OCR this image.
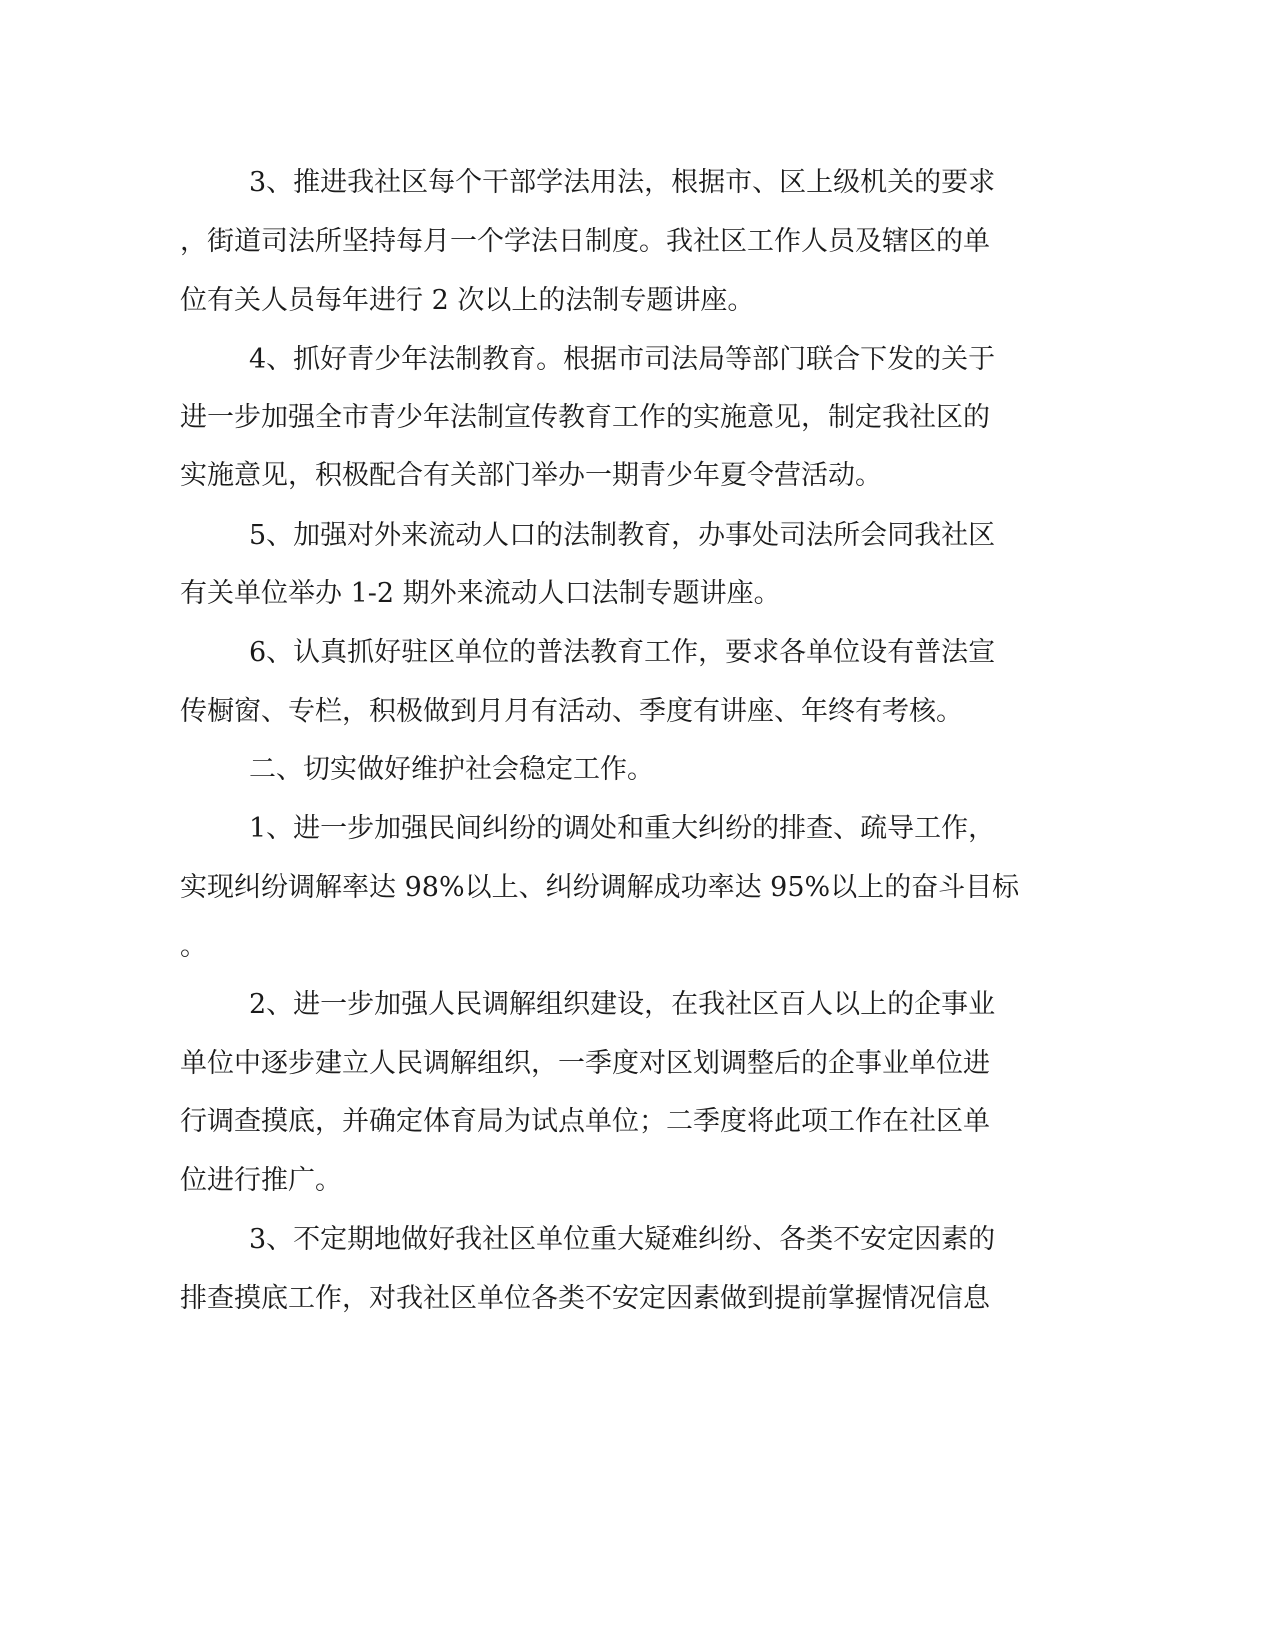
3、推进我社区每个干部学法用法，根据市、区上级机关的要求
，街道司法所坚持每月一个学法日制度。我社区工作人员及辖区的单
位有关人员每年进行 2 次以上的法制专题讲座。
4、抓好青少年法制教育。根据市司法局等部门联合下发的关于
进一步加强全市青少年法制宣传教育工作的实施意见，制定我社区的
实施意见，积极配合有关部门举办一期青少年夏令营活动。
5、加强对外来流动人口的法制教育，办事处司法所会同我社区
有关单位举办 1-2 期外来流动人口法制专题讲座。
6、认真抓好驻区单位的普法教育工作，要求各单位设有普法宣
传橱窗、专栏，积极做到月月有活动、季度有讲座、年终有考核。
二、切实做好维护社会稳定工作。
1、进一步加强民间纠纷的调处和重大纠纷的排查、疏导工作，
实现纠纷调解率达 98%以上、纠纷调解成功率达 95%以上的奋斗目标
。
2、进一步加强人民调解组织建设，在我社区百人以上的企事业
单位中逐步建立人民调解组织，一季度对区划调整后的企事业单位进
行调查摸底，并确定体育局为试点单位；二季度将此项工作在社区单
位进行推广。
3、不定期地做好我社区单位重大疑难纠纷、各类不安定因素的
排查摸底工作，对我社区单位各类不安定因素做到提前掌握情况信息
